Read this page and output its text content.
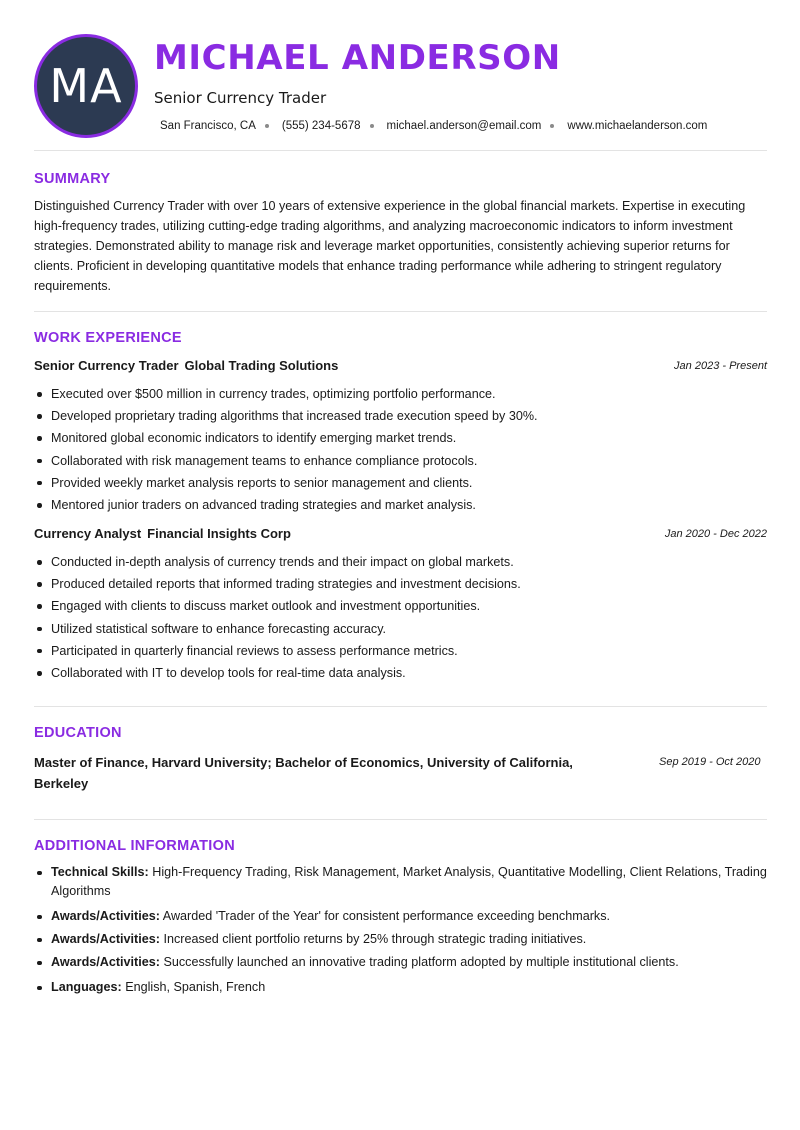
MA
MICHAEL ANDERSON
Senior Currency Trader
San Francisco, CA (555) 234-5678 michael.anderson@email.com www.michaelanderson.com
SUMMARY

Distinguished Currency Trader with over 10 years of extensive experience in the global financial markets. Expertise in executing high-frequency trades, utilizing cutting-edge trading algorithms, and analyzing macroeconomic indicators to inform investment strategies. Demonstrated ability to manage risk and leverage market opportunities, consistently achieving superior returns for clients. Proficient in developing quantitative models that enhance trading performance while adhering to stringent regulatory requirements.

WORK EXPERIENCE
Senior Currency Trader Global Trading Solutions	Jan 2023 - Present
Executed over $500 million in currency trades, optimizing portfolio performance.
Developed proprietary trading algorithms that increased trade execution speed by 30%.
Monitored global economic indicators to identify emerging market trends.
Collaborated with risk management teams to enhance compliance protocols.
Provided weekly market analysis reports to senior management and clients.
Mentored junior traders on advanced trading strategies and market analysis.
Currency Analyst Financial Insights Corp	Jan 2020 - Dec 2022
Conducted in-depth analysis of currency trends and their impact on global markets.
Produced detailed reports that informed trading strategies and investment decisions.
Engaged with clients to discuss market outlook and investment opportunities.
Utilized statistical software to enhance forecasting accuracy.
Participated in quarterly financial reviews to assess performance metrics.
Collaborated with IT to develop tools for real-time data analysis.
EDUCATION
Master of Finance, Harvard University; Bachelor of Economics, University of California, Berkeley
Sep 2019 - Oct 2020
ADDITIONAL INFORMATION
Technical Skills: High-Frequency Trading, Risk Management, Market Analysis, Quantitative Modelling, Client Relations, Trading Algorithms
Awards/Activities: Awarded 'Trader of the Year' for consistent performance exceeding benchmarks.
Awards/Activities: Increased client portfolio returns by 25% through strategic trading initiatives.
Awards/Activities: Successfully launched an innovative trading platform adopted by multiple institutional clients.
Languages: English, Spanish, French
